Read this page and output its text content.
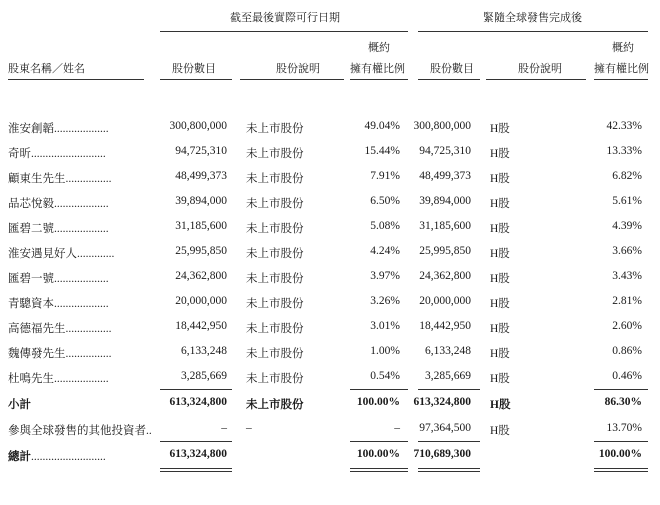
截至最後實際可行日期	緊隨全球發售完成後
股東名稱／姓名	股份數目	股份說明
概約
擁有權比例 股份數目	股份說明
概約
擁有權比例
淮安創韜...................	300,800,000 未上市股份	49.04% 300,800,000 H股	42.33%
奇昕..........................	94,725,310 未上市股份	15.44% 94,725,310 H股	13.33%
顧東生先生................	48,499,373 未上市股份	7.91% 48,499,373 H股	6.82%
品芯悅毅...................	39,894,000 未上市股份	6.50% 39,894,000 H股	5.61%
匯碧二號...................	31,185,600 未上市股份	5.08% 31,185,600 H股	4.39%
淮安遇見好人.............	25,995,850 未上市股份	4.24% 25,995,850 H股	3.66%
匯碧一號...................	24,362,800 未上市股份	3.97% 24,362,800 H股	3.43%
青驄資本...................	20,000,000 未上市股份	3.26% 20,000,000 H股	2.81%
高德福先生................	18,442,950 未上市股份	3.01% 18,442,950 H股	2.60%
魏傳發先生................	6,133,248 未上市股份	1.00% 6,133,248 H股	0.86%
杜鳴先生...................	3,285,669 未上市股份	0.54% 3,285,669 H股	0.46%
小計	613,324,800 未上市股份	100.00% 613,324,800 H股	86.30%
參與全球發售的其他投資者..	– –	– 97,364,500 H股	13.70%
總計..........................	613,324,800	100.00% 710,689,300	100.00%
